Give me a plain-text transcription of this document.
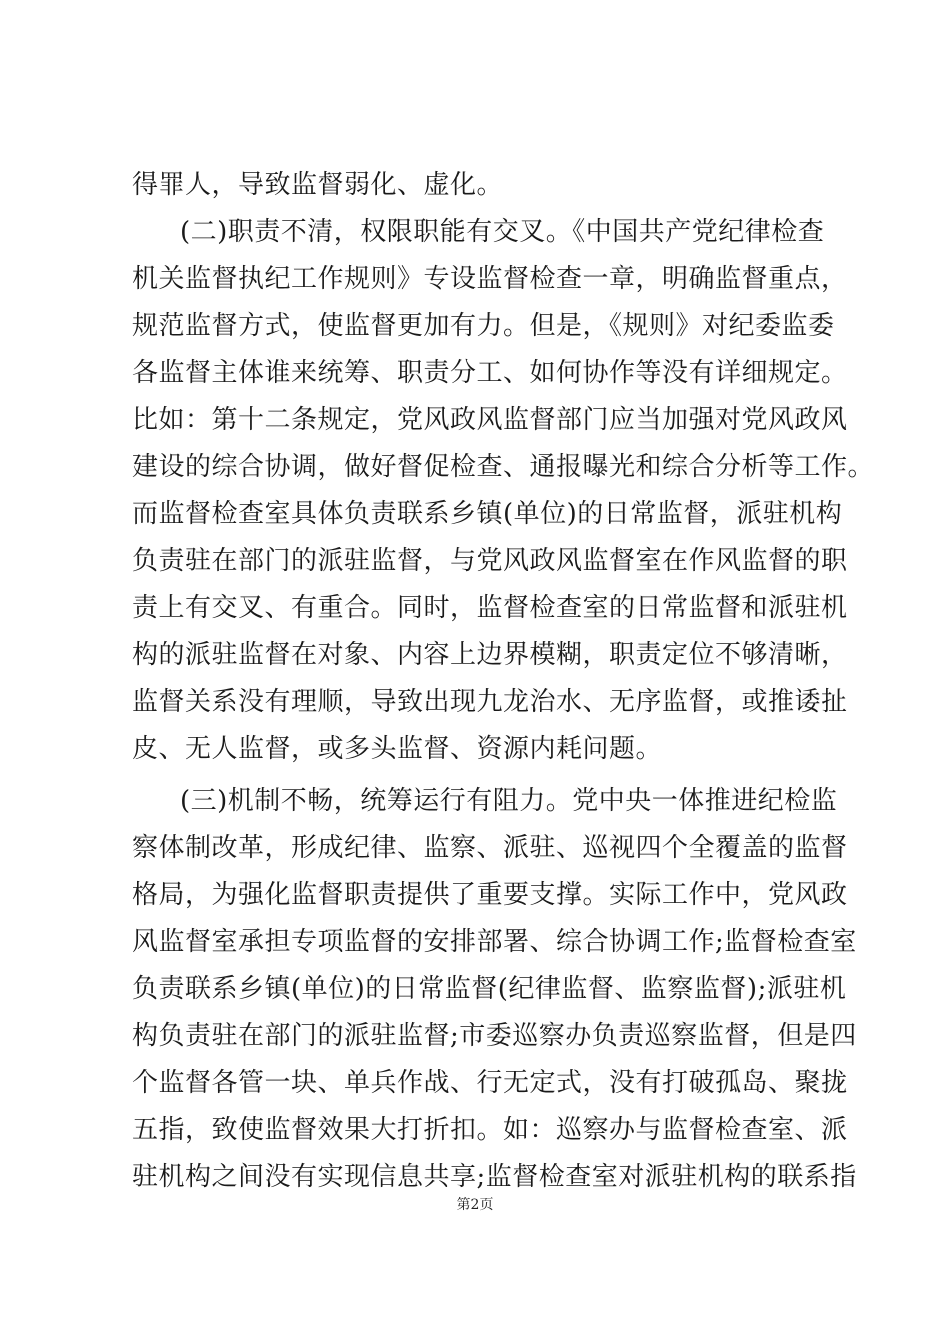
得罪人，导致监督弱化、虚化。
(二)职责不清，权限职能有交叉。《中国共产党纪律检查
机关监督执纪工作规则》专设监督检查一章，明确监督重点，
规范监督方式，使监督更加有力。但是，《规则》对纪委监委
各监督主体谁来统筹、职责分工、如何协作等没有详细规定。
比如：第十二条规定，党风政风监督部门应当加强对党风政风
建设的综合协调，做好督促检查、通报曝光和综合分析等工作。
而监督检查室具体负责联系乡镇(单位)的日常监督，派驻机构
负责驻在部门的派驻监督，与党风政风监督室在作风监督的职
责上有交叉、有重合。同时，监督检查室的日常监督和派驻机
构的派驻监督在对象、内容上边界模糊，职责定位不够清晰，
监督关系没有理顺，导致出现九龙治水、无序监督，或推诿扯
皮、无人监督，或多头监督、资源内耗问题。
(三)机制不畅，统筹运行有阻力。党中央一体推进纪检监
察体制改革，形成纪律、监察、派驻、巡视四个全覆盖的监督
格局，为强化监督职责提供了重要支撑。实际工作中，党风政
风监督室承担专项监督的安排部署、综合协调工作;监督检查室
负责联系乡镇(单位)的日常监督(纪律监督、监察监督);派驻机
构负责驻在部门的派驻监督;市委巡察办负责巡察监督，但是四
个监督各管一块、单兵作战、行无定式，没有打破孤岛、聚拢
五指，致使监督效果大打折扣。如：巡察办与监督检查室、派
驻机构之间没有实现信息共享;监督检查室对派驻机构的联系指
第2页
